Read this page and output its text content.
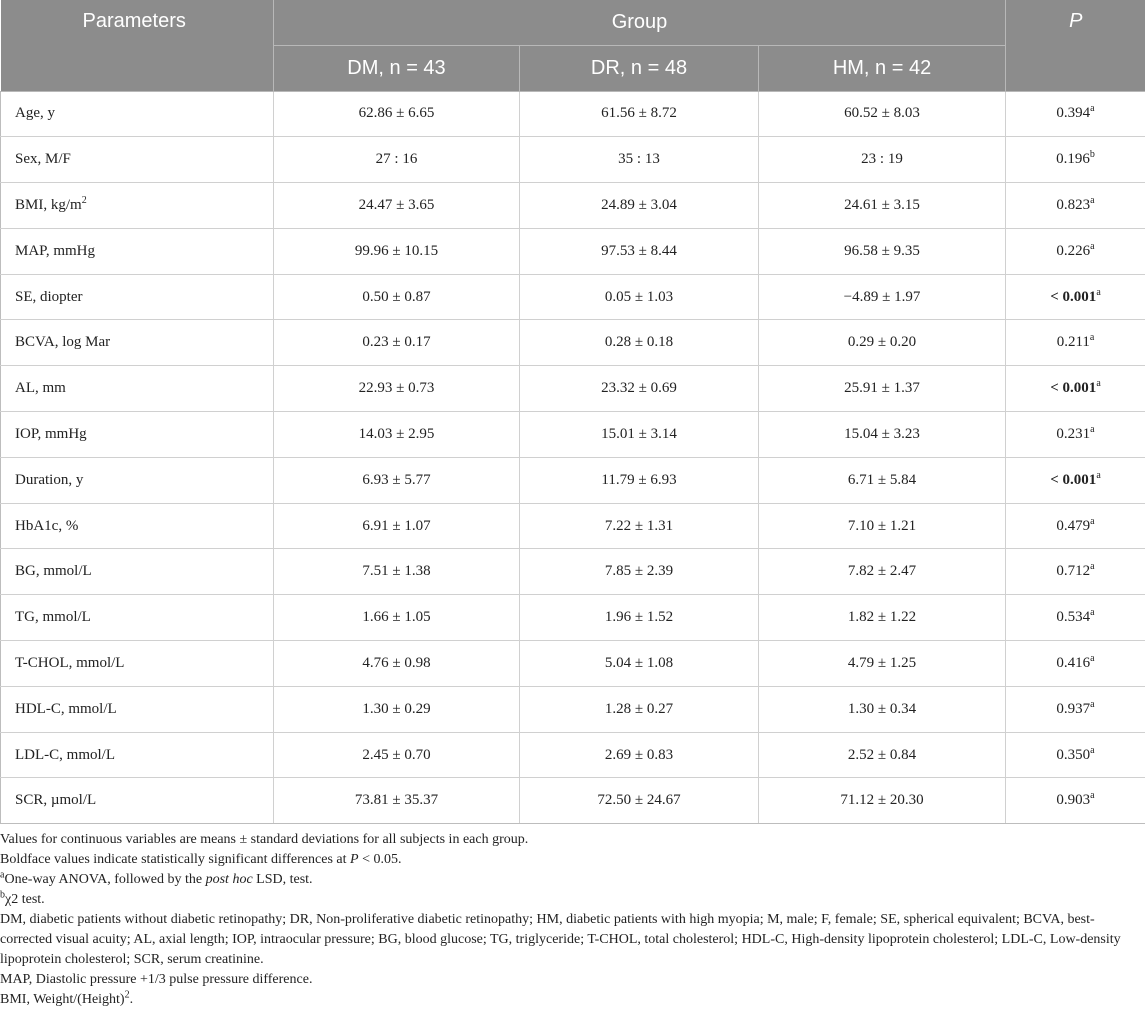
Parameters	Group			P
	DM, n = 43	DR, n = 48	HM, n = 42	
Age, y	62.86 ± 6.65	61.56 ± 8.72	60.52 ± 8.03	0.394$^a$
Sex, M/F	27 : 16	35 : 13	23 : 19	0.196$^b$
BMI, $kg/m^2$	24.47 ± 3.65	24.89 ± 3.04	24.61 ± 3.15	0.823$^a$
MAP, mmHg	99.96 ± 10.15	97.53 ± 8.44	96.58 ± 9.35	0.226$^a$
SE, diopter	0.50 ± 0.87	0.05 ± 1.03	−4.89 ± 1.97	< 0.001$^a$
BCVA, log Mar	0.23 ± 0.17	0.28 ± 0.18	0.29 ± 0.20	0.211$^a$
AL, mm	22.93 ± 0.73	23.32 ± 0.69	25.91 ± 1.37	< 0.001$^a$
IOP, mmHg	14.03 ± 2.95	15.01 ± 3.14	15.04 ± 3.23	0.231$^a$
Duration, y	6.93 ± 5.77	11.79 ± 6.93	6.71 ± 5.84	< 0.001$^a$
HbA1c, %	6.91 ± 1.07	7.22 ± 1.31	7.10 ± 1.21	0.479$^a$
BG, mmol/L	7.51 ± 1.38	7.85 ± 2.39	7.82 ± 2.47	0.712$^a$
TG, mmol/L	1.66 ± 1.05	1.96 ± 1.52	1.82 ± 1.22	0.534$^a$
T-CHOL, mmol/L	4.76 ± 0.98	5.04 ± 1.08	4.79 ± 1.25	0.416$^a$
HDL-C, mmol/L	1.30 ± 0.29	1.28 ± 0.27	1.30 ± 0.34	0.937$^a$
LDL-C, mmol/L	2.45 ± 0.70	2.69 ± 0.83	2.52 ± 0.84	0.350$^a$
SCR, µmol/L	73.81 ± 35.37	72.50 ± 24.67	71.12 ± 20.30	0.903$^a$

Values for continuous variables are means ± standard deviations for all subjects in each group.

Boldface values indicate statistically significant differences at P < 0.05.

$^a$One-way ANOVA, followed by the post hoc LSD, test.

$^b$χ2 test.

DM, diabetic patients without diabetic retinopathy; DR, Non-proliferative diabetic retinopathy; HM, diabetic patients with high myopia; M, male; F, female; SE, spherical equivalent; BCVA, best-corrected visual acuity; AL, axial length; IOP, intraocular pressure; BG, blood glucose; TG, triglyceride; T-CHOL, total cholesterol; HDL-C, High-density lipoprotein cholesterol; LDL-C, Low-density lipoprotein cholesterol; SCR, serum creatinine.

MAP, Diastolic pressure +1/3 pulse pressure difference.

BMI, Weight/(Height)$^2$.
